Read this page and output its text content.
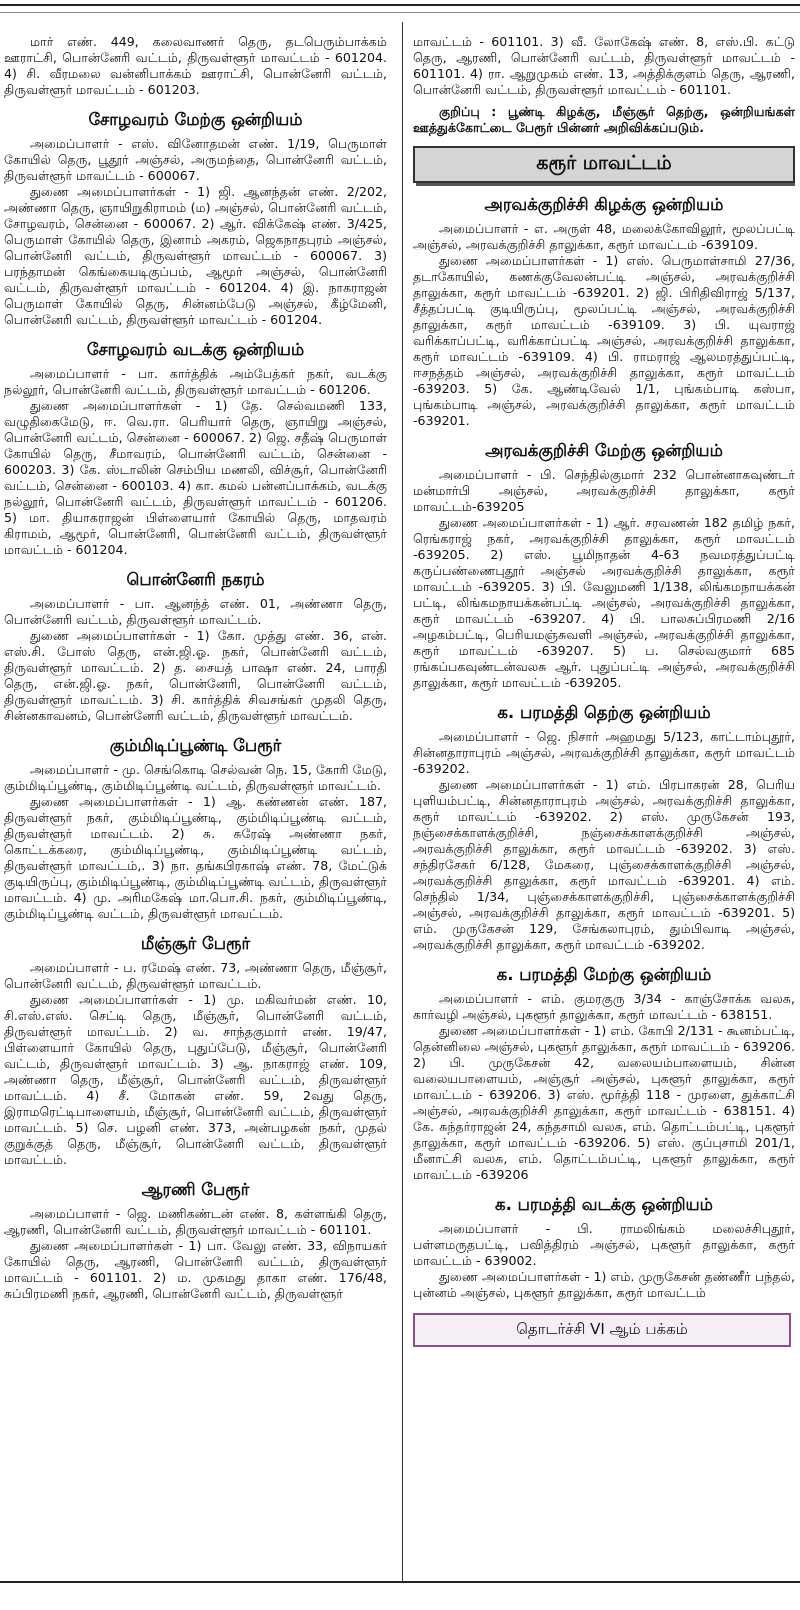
மார் எண். 449, கலைவாணர் தெரு, தடபெரும்பாக்கம் ஊராட்சி, பொன்னேரி வட்டம், திருவள்ளூர் மாவட்டம் - 601204. 4) சி. வீரமலை வன்னிபாக்கம் ஊராட்சி, பொன்னேரி வட்டம், திருவள்ளூர் மாவட்டம் - 601203.

சோழவரம் மேற்கு ஒன்றியம்

அமைப்பாளர் - எஸ். வினோதமன் எண். 1/19, பெருமாள் கோயில் தெரு, பூதூர் அஞ்சல், அருமந்தை, பொன்னேரி வட்டம், திருவள்ளூர் மாவட்டம் - 600067.

துணை அமைப்பாளர்கள் - 1) ஜி. ஆனந்தன் எண். 2/202, அண்ணா தெரு, ஞாயிறுகிராமம் (ம) அஞ்சல், பொன்னேரி வட்டம், சோழவரம், சென்னை - 600067. 2) ஆர். விக்கேஷ் எண். 3/425, பெருமாள் கோயில் தெரு, இனாம் அகரம், ஜெகநாதபுரம் அஞ்சல், பொன்னேரி வட்டம், திருவள்ளூர் மாவட்டம் - 600067. 3) பரந்தாமன் கெங்கையடிகுப்பம், ஆமூர் அஞ்சல், பொன்னேரி வட்டம், திருவள்ளூர் மாவட்டம் - 601204. 4) இ. நாகராஜன் பெருமாள் கோயில் தெரு, சின்னம்பேடு அஞ்சல், கீழ்மேனி, பொன்னேரி வட்டம், திருவள்ளூர் மாவட்டம் - 601204.

சோழவரம் வடக்கு ஒன்றியம்

அமைப்பாளர் - பா. கார்த்திக் அம்பேத்கர் நகர், வடக்கு நல்லூர், பொன்னேரி வட்டம், திருவள்ளூர் மாவட்டம் - 601206.

துணை அமைப்பாளர்கள் - 1) தே. செல்வமணி 133, வழுதிகைமேடு, ஈ. வெ.ரா. பெரியார் தெரு, ஞாயிறு அஞ்சல், பொன்னேரி வட்டம், சென்னை - 600067. 2) ஜெ. சதீஷ் பெருமாள் கோயில் தெரு, சீமாவரம், பொன்னேரி வட்டம், சென்னை - 600203. 3) கே. ஸ்டாலின் செம்பிய மணலி, விச்சூர், பொன்னேரி வட்டம், சென்னை - 600103. 4) கா. கமல் பன்னப்பாக்கம், வடக்கு நல்லூர், பொன்னேரி வட்டம், திருவள்ளூர் மாவட்டம் - 601206. 5) மா. தியாகராஜன் பிள்ளையார் கோயில் தெரு, மாதவரம் கிராமம், ஆமூர், பொன்னேரி, பொன்னேரி வட்டம், திருவள்ளூர் மாவட்டம் - 601204.

பொன்னேரி நகரம்

அமைப்பாளர் - பா. ஆனந்த் எண். 01, அண்ணா தெரு, பொன்னேரி வட்டம், திருவள்ளூர் மாவட்டம்.

துணை அமைப்பாளர்கள் - 1) கோ. முத்து எண். 36, என். எஸ்.சி. போஸ் தெரு, என்.ஜி.ஓ. நகர், பொன்னேரி வட்டம், திருவள்ளூர் மாவட்டம். 2) த. சையத் பாஷா எண். 24, பாரதி தெரு, என்.ஜி.ஓ. நகர், பொன்னேரி, பொன்னேரி வட்டம், திருவள்ளூர் மாவட்டம். 3) சி. கார்த்திக் சிவசங்கர் முதலி தெரு, சின்னகாவனம், பொன்னேரி வட்டம், திருவள்ளூர் மாவட்டம்.

கும்மிடிப்பூண்டி பேரூர்

அமைப்பாளர் - மு. செங்கொடி செல்வன் நெ. 15, கோரி மேடு, கும்மிடிப்பூண்டி, கும்மிடிப்பூண்டி வட்டம், திருவள்ளூர் மாவட்டம்.

துணை அமைப்பாளர்கள் - 1) ஆ. கண்ணன் எண். 187, திருவள்ளூர் நகர், கும்மிடிப்பூண்டி, கும்மிடிப்பூண்டி வட்டம், திருவள்ளூர் மாவட்டம். 2) சு. சுரேஷ் அண்ணா நகர், கொட்டக்கரை, கும்மிடிப்பூண்டி, கும்மிடிப்பூண்டி வட்டம், திருவள்ளூர் மாவட்டம்,. 3) நா. தங்கபிரகாஷ் எண். 78, மேட்டுக் குடியிருப்பு, கும்மிடிப்பூண்டி, கும்மிடிப்பூண்டி வட்டம், திருவள்ளூர் மாவட்டம். 4) மு. அரிமகேஷ் மா.பொ.சி. நகர், கும்மிடிப்பூண்டி, கும்மிடிப்பூண்டி வட்டம், திருவள்ளூர் மாவட்டம்.

மீஞ்சூர் பேரூர்

அமைப்பாளர் - ப. ரமேஷ் எண். 73, அண்ணா தெரு, மீஞ்சூர், பொன்னேரி வட்டம், திருவள்ளூர் மாவட்டம்.

துணை அமைப்பாளர்கள் - 1) மு. மகிவர்மன் எண். 10, சி.எஸ்.எஸ். செட்டி தெரு, மீஞ்சூர், பொன்னேரி வட்டம், திருவள்ளூர் மாவட்டம். 2) வ. சாந்தகுமார் எண். 19/47, பிள்ளையார் கோயில் தெரு, புதுப்பேடு, மீஞ்சூர், பொன்னேரி வட்டம், திருவள்ளூர் மாவட்டம். 3) ஆ. நாகராஜ் எண். 109, அண்ணா தெரு, மீஞ்சூர், பொன்னேரி வட்டம், திருவள்ளூர் மாவட்டம். 4) சீ. மோகன் எண். 59, 2வது தெரு, இராமரெட்டிபாளையம், மீஞ்சூர், பொன்னேரி வட்டம், திருவள்ளூர் மாவட்டம். 5) செ. பழனி எண். 373, அன்பழகன் நகர், முதல் குறுக்குத் தெரு, மீஞ்சூர், பொன்னேரி வட்டம், திருவள்ளூர் மாவட்டம்.

ஆரணி பேரூர்

அமைப்பாளர் - ஜெ. மணிகண்டன் எண். 8, கள்ளங்கி தெரு, ஆரணி, பொன்னேரி வட்டம், திருவள்ளூர் மாவட்டம் - 601101.

துணை அமைப்பாளர்கள் - 1) பா. வேலு எண். 33, விநாயகர் கோயில் தெரு, ஆரணி, பொன்னேரி வட்டம், திருவள்ளூர் மாவட்டம் - 601101. 2) ம. முகமது தாகா எண். 176/48, சுப்பிரமணி நகர், ஆரணி, பொன்னேரி வட்டம், திருவள்ளூர்

மாவட்டம் - 601101. 3) வீ. லோகேஷ் எண். 8, எஸ்.பி. கட்டு தெரு, ஆரணி, பொன்னேரி வட்டம், திருவள்ளூர் மாவட்டம் - 601101. 4) ரா. ஆறுமுகம் எண். 13, அத்திக்குளம் தெரு, ஆரணி, பொன்னேரி வட்டம், திருவள்ளூர் மாவட்டம் - 601101.

குறிப்பு : பூண்டி கிழக்கு, மீஞ்சூர் தெற்கு, ஒன்றியங்கள் ஊத்துக்கோட்டை பேரூர் பின்னர் அறிவிக்கப்படும்.

கரூர் மாவட்டம்
அரவக்குறிச்சி கிழக்கு ஒன்றியம்

அமைப்பாளர் - எ. அருள் 48, மலைக்கோவிலூர், மூலப்பட்டி அஞ்சல், அரவக்குறிச்சி தாலுக்கா, கரூர் மாவட்டம் -639109.

துணை அமைப்பாளர்கள் - 1) எஸ். பெருமாள்சாமி 27/36, தடாகோயில், கணக்குவேலன்பட்டி அஞ்சல், அரவக்குறிச்சி தாலுக்கா, கரூர் மாவட்டம் -639201. 2) ஜி. பிரிதிவிராஜ் 5/137, சீத்தப்பட்டி குடியிருப்பு, மூலப்பட்டி அஞ்சல், அரவக்குறிச்சி தாலுக்கா, கரூர் மாவட்டம் -639109. 3) பி. யுவராஜ் வரிக்காப்பட்டி, வரிக்காப்பட்டி அஞ்சல், அரவக்குறிச்சி தாலுக்கா, கரூர் மாவட்டம் -639109. 4) பி. ராமராஜ் ஆலமரத்துப்பட்டி, ஈசநத்தம் அஞ்சல், அரவக்குறிச்சி தாலுக்கா, கரூர் மாவட்டம் -639203. 5) கே. ஆண்டிவேல் 1/1, புங்கம்பாடி கஸ்பா, புங்கம்பாடி அஞ்சல், அரவக்குறிச்சி தாலுக்கா, கரூர் மாவட்டம் -639201.

அரவக்குறிச்சி மேற்கு ஒன்றியம்

அமைப்பாளர் - பி. செந்தில்குமார் 232 பொன்னாகவுண்டர் மன்மார்பி அஞ்சல், அரவக்குறிச்சி தாலுக்கா, கரூர் மாவட்டம்-639205

துணை அமைப்பாளர்கள் - 1) ஆர். சரவணன் 182 தமிழ் நகர், ரெங்கராஜ் நகர், அரவக்குறிச்சி தாலுக்கா, கரூர் மாவட்டம் -639205. 2) எஸ். பூமிநாதன் 4-63 நவமரத்துப்பட்டி கருப்பண்ணைபுதூர் அஞ்சல் அரவக்குறிச்சி தாலுக்கா, கரூர் மாவட்டம் -639205. 3) பி. வேலுமணி 1/138, லிங்கமநாயக்கன் பட்டி, லிங்கமநாயக்கன்பட்டி அஞ்சல், அரவக்குறிச்சி தாலுக்கா, கரூர் மாவட்டம் -639207. 4) பி. பாலசுப்பிரமணி 2/16 அழகம்பட்டி, பெரியமஞ்சுவளி அஞ்சல், அரவக்குறிச்சி தாலுக்கா, கரூர் மாவட்டம் -639207. 5) ப. செல்வகுமார் 685 ரங்கப்பகவுண்டன்வலசு ஆர். புதுப்பட்டி அஞ்சல், அரவக்குறிச்சி தாலுக்கா, கரூர் மாவட்டம் -639205.

க. பரமத்தி தெற்கு ஒன்றியம்

அமைப்பாளர் - ஜெ. நிசார் அஹமது 5/123, காட்டாம்புதூர், சின்னதாராபுரம் அஞ்சல், அரவக்குறிச்சி தாலுக்கா, கரூர் மாவட்டம் -639202.

துணை அமைப்பாளர்கள் - 1) எம். பிரபாகரன் 28, பெரிய புளியம்பட்டி, சின்னதாராபுரம் அஞ்சல், அரவக்குறிச்சி தாலுக்கா, கரூர் மாவட்டம் -639202. 2) எஸ். முருகேசன் 193, நஞ்சைக்காளக்குறிச்சி, நஞ்சைக்காளக்குறிச்சி அஞ்சல், அரவக்குறிச்சி தாலுக்கா, கரூர் மாவட்டம் -639202. 3) எஸ். சந்திரசேகர் 6/128, மேகரை, புஞ்சைக்காளக்குறிச்சி அஞ்சல், அரவக்குறிச்சி தாலுக்கா, கரூர் மாவட்டம் -639201. 4) எம். செந்தில் 1/34, புஞ்சைக்காளக்குறிச்சி, புஞ்சைக்காளக்குறிச்சி அஞ்சல், அரவக்குறிச்சி தாலுக்கா, கரூர் மாவட்டம் -639201. 5) எம். முருகேசன் 129, சேங்கலாபுரம், தும்பிவாடி அஞ்சல், அரவக்குறிச்சி தாலுக்கா, கரூர் மாவட்டம் -639202.

க. பரமத்தி மேற்கு ஒன்றியம்

அமைப்பாளர் - எம். குமரகுரு 3/34 - காஞ்சோக்க வலசு, கார்வழி அஞ்சல், புகளூர் தாலுக்கா, கரூர் மாவட்டம் - 638151.

துணை அமைப்பாளர்கள் - 1) எம். கோபி 2/131 - கூனம்பட்டி, தென்னிலை அஞ்சல், புகளூர் தாலுக்கா, கரூர் மாவட்டம் - 639206. 2) பி. முருகேசன் 42, வலையம்பாளையம், சின்ன வலையபாளையம், அஞ்சூர் அஞ்சல், புகளூர் தாலுக்கா, கரூர் மாவட்டம் - 639206. 3) எஸ். மூர்த்தி 118 - முரளை, துக்காட்சி அஞ்சல், அரவக்குறிச்சி தாலுக்கா, கரூர் மாவட்டம் - 638151. 4) கே. சுந்தர்ராஜன் 24, கந்தசாமி வலசு, எம். தொட்டம்பட்டி, புகளூர் தாலுக்கா, கரூர் மாவட்டம் -639206. 5) எஸ். குப்புசாமி 201/1, மீனாட்சி வலசு, எம். தொட்டம்பட்டி, புகளூர் தாலுக்கா, கரூர் மாவட்டம் -639206

க. பரமத்தி வடக்கு ஒன்றியம்

அமைப்பாளர் - பி. ராமலிங்கம் மலைச்சிபுதூர், பள்ளமருதபட்டி, பவித்திரம் அஞ்சல், புகளூர் தாலுக்கா, கரூர் மாவட்டம் - 639002.

துணை அமைப்பாளர்கள் - 1) எம். முருகேசன் தண்ணீர் பந்தல், புன்னம் அஞ்சல், புகளூர் தாலுக்கா, கரூர் மாவட்டம்

தொடர்ச்சி VI ஆம் பக்கம்
